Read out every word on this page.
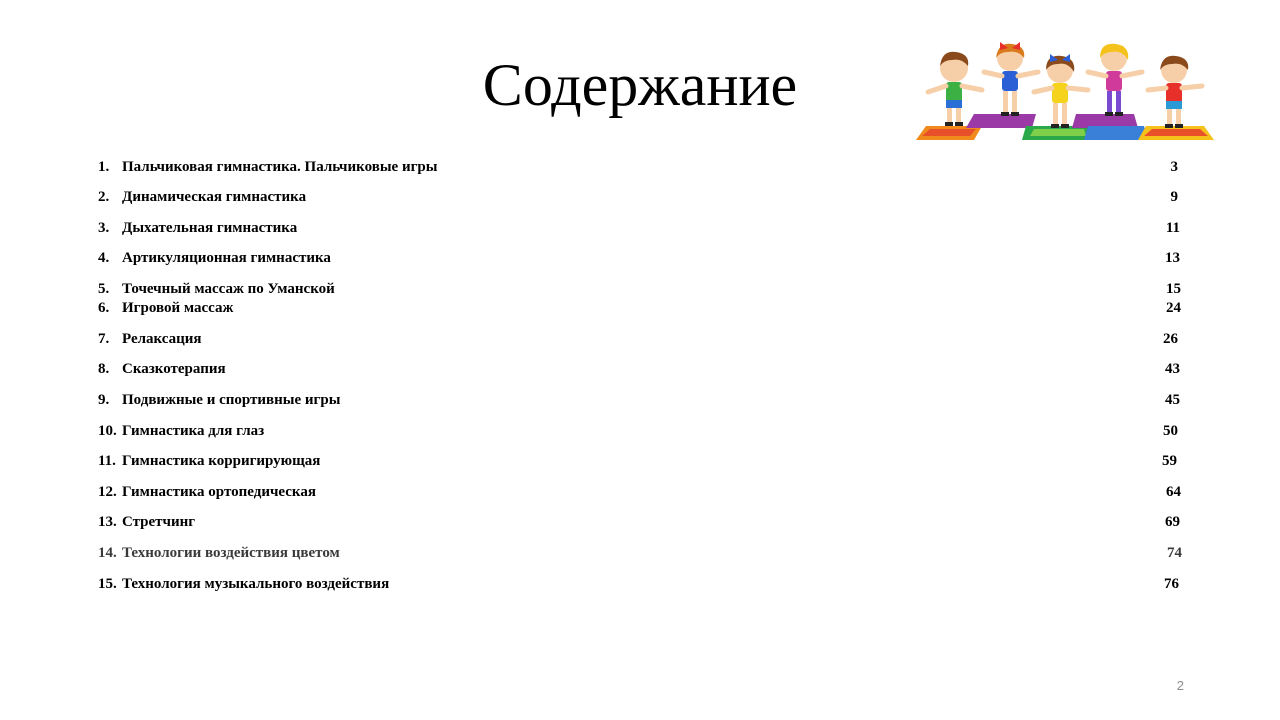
Содержание
1. Пальчиковая гимнастика. Пальчиковые игры	3
2. Динамическая гимнастика	9
3. Дыхательная гимнастика	11
4. Артикуляционная гимнастика	13
5. Точечный массаж по Уманской	15
6. Игровой массаж	24
7. Релаксация	26
8. Сказкотерапия	43
9. Подвижные и спортивные игры	45
10. Гимнастика для глаз	50
11. Гимнастика корригирующая	59
12. Гимнастика ортопедическая	64
13. Стретчинг	69
14. Технологии воздействия цветом	74
15. Технология музыкального воздействия	76
2
